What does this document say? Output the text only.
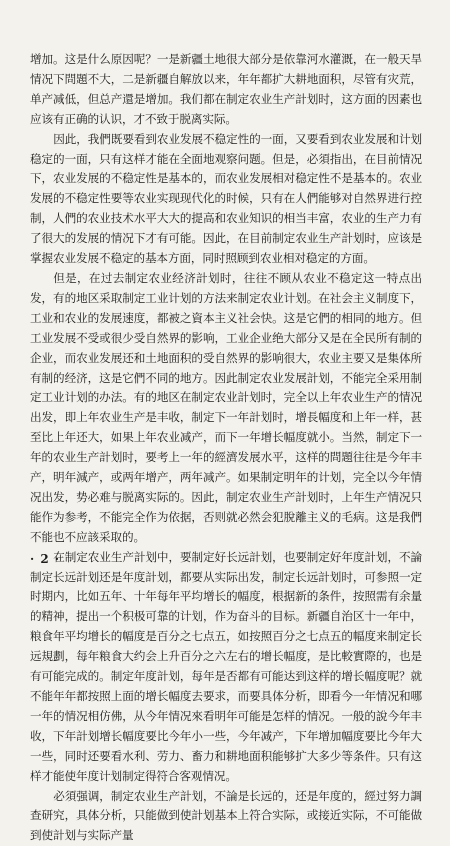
增加。这是什么原因呢？一是新疆土地很大部分是依靠河水灌溉，在一般天旱情况下問題不大，二是新疆自解放以来，年年都扩大耕地面积，尽管有灾荒，单产减低，但总产還是增加。我们都在制定农业生产計划时，这方面的因素也应该有正确的认识，才不致于脱离实际。

因此，我們既要看到农业发展不稳定性的一面，又要看到农业发展和计划稳定的一面，只有这样才能在全面地观察问题。但是，必須指出，在目前情况下，农业发展的不稳定性是基本的，而农业发展相对稳定性不是基本的。农业发展的不稳定性要等农业实现现代化的时候，只有在人們能够对自然界进行控制，人們的农业技术水平大大的提高和农业知识的相当丰富，农业的生产力有了很大的发展的情况下才有可能。因此，在目前制定农业生产計划时，应该是掌握农业发展不稳定的基本方面，同时照顾到农业相对稳定的方面。

但是，在过去制定农业经济計划时，往往不顾从农业不稳定这一特点出发，有的地区采取制定工业计划的方法来制定农业计划。在社会主义制度下，工业和农业的发展速度，都被之資本主义社会快。这是它們的相同的地方。但工业发展不受或很少受自然界的影响，工业企业绝大部分又是在全民所有制的企业，而农业发展还和土地面积的受自然界的影响很大，农业主要又是集体所有制的经济，这是它們不同的地方。因此制定农业发展計划，不能完全采用制定工业计划的办法。有的地区在制定农业計划时，完全以上年农业生产的情况出发，即上年农业生产是丰收，制定下一年計划时，增長幅度和上年一样，甚至比上年还大，如果上年农业减产，而下一年增长幅度就小。当然，制定下一年的农业生产計划时，要考上一年的經濟发展水平，这样的問題往往是今年丰产，明年減产，或两年增产，两年减产。如果制定明年的计划，完全以今年情况出发，势必难与脱离实际的。因此，制定农业生产計划时，上年生产情况只能作为参考，不能完全作为依据，否则就必然会犯脫離主义的毛病。这是我們不能也不应該采取的。

在制定农业生产計划中，要制定好长远計划，也要制定好年度計划，不論制定长远計划还是年度計划，都要从实际出发，制定长远計划时，可参照一定时期内，比如五年、十年每年平均增长的幅度，根据新的条件，按照需有余量的精神，提出一个积极可靠的计划，作为奋斗的目标。新疆自治区十一年中，粮食年平均增长的幅度是百分之七点五，如按照百分之七点五的幅度来制定长远規劃，每年粮食大约会上升百分之六左右的增长幅度，是比較實際的，也是有可能完成的。制定年度計划，每年是否都有可能达到这样的增长幅度呢？就不能年年都按照上面的增长幅度去要求，而要具体分析，即看今一年情况和哪一年的情况相仿佛，从今年情况來看明年可能是怎样的情况。一般的說今年丰收，下年計划增长幅度要比今年小一些，今年减产，下年增加幅度要比今年大一些，同时还要看水利、劳力、畜力和耕地面积能够扩大多少等条件。只有这样才能使年度计划制定得符合客观情况。

必須强调，制定农业生产計划，不論是长远的，还是年度的，經过努力調查研究，具体分析，只能做到使計划基本上符合实际，或接近实际，不可能做到使計划与实际产量

· 2 ·
